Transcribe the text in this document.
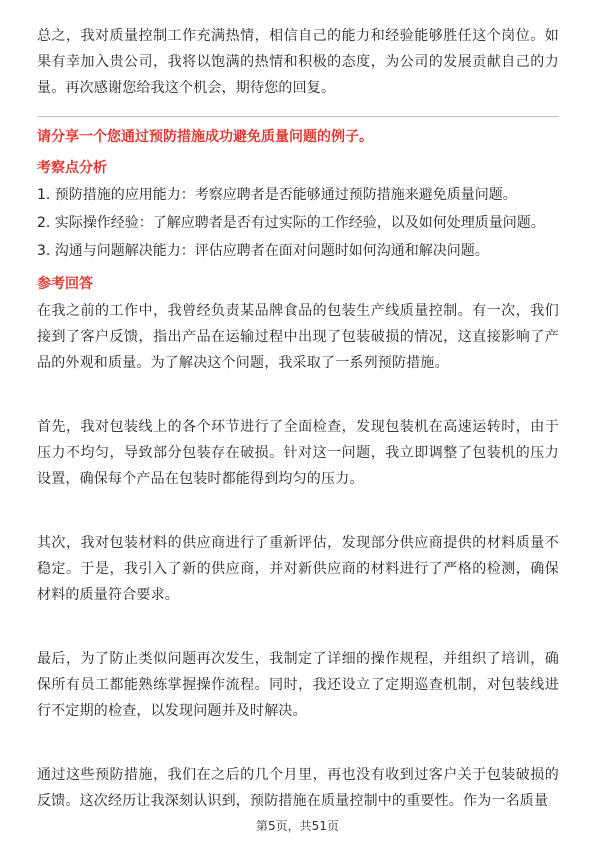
总之，我对质量控制工作充满热情，相信自己的能力和经验能够胜任这个岗位。如果有幸加入贵公司，我将以饱满的热情和积极的态度，为公司的发展贡献自己的力量。再次感谢您给我这个机会，期待您的回复。

请分享一个您通过预防措施成功避免质量问题的例子。

考察点分析

1. 预防措施的应用能力：考察应聘者是否能够通过预防措施来避免质量问题。

2. 实际操作经验：了解应聘者是否有过实际的工作经验，以及如何处理质量问题。

3. 沟通与问题解决能力：评估应聘者在面对问题时如何沟通和解决问题。

参考回答

在我之前的工作中，我曾经负责某品牌食品的包装生产线质量控制。有一次，我们接到了客户反馈，指出产品在运输过程中出现了包装破损的情况，这直接影响了产品的外观和质量。为了解决这个问题，我采取了一系列预防措施。

首先，我对包装线上的各个环节进行了全面检查，发现包装机在高速运转时，由于压力不均匀，导致部分包装存在破损。针对这一问题，我立即调整了包装机的压力设置，确保每个产品在包装时都能得到均匀的压力。

其次，我对包装材料的供应商进行了重新评估，发现部分供应商提供的材料质量不稳定。于是，我引入了新的供应商，并对新供应商的材料进行了严格的检测，确保材料的质量符合要求。

最后，为了防止类似问题再次发生，我制定了详细的操作规程，并组织了培训，确保所有员工都能熟练掌握操作流程。同时，我还设立了定期巡查机制，对包装线进行不定期的检查，以发现问题并及时解决。

通过这些预防措施，我们在之后的几个月里，再也没有收到过客户关于包装破损的反馈。这次经历让我深刻认识到，预防措施在质量控制中的重要性。作为一名质量

第5页，共51页
